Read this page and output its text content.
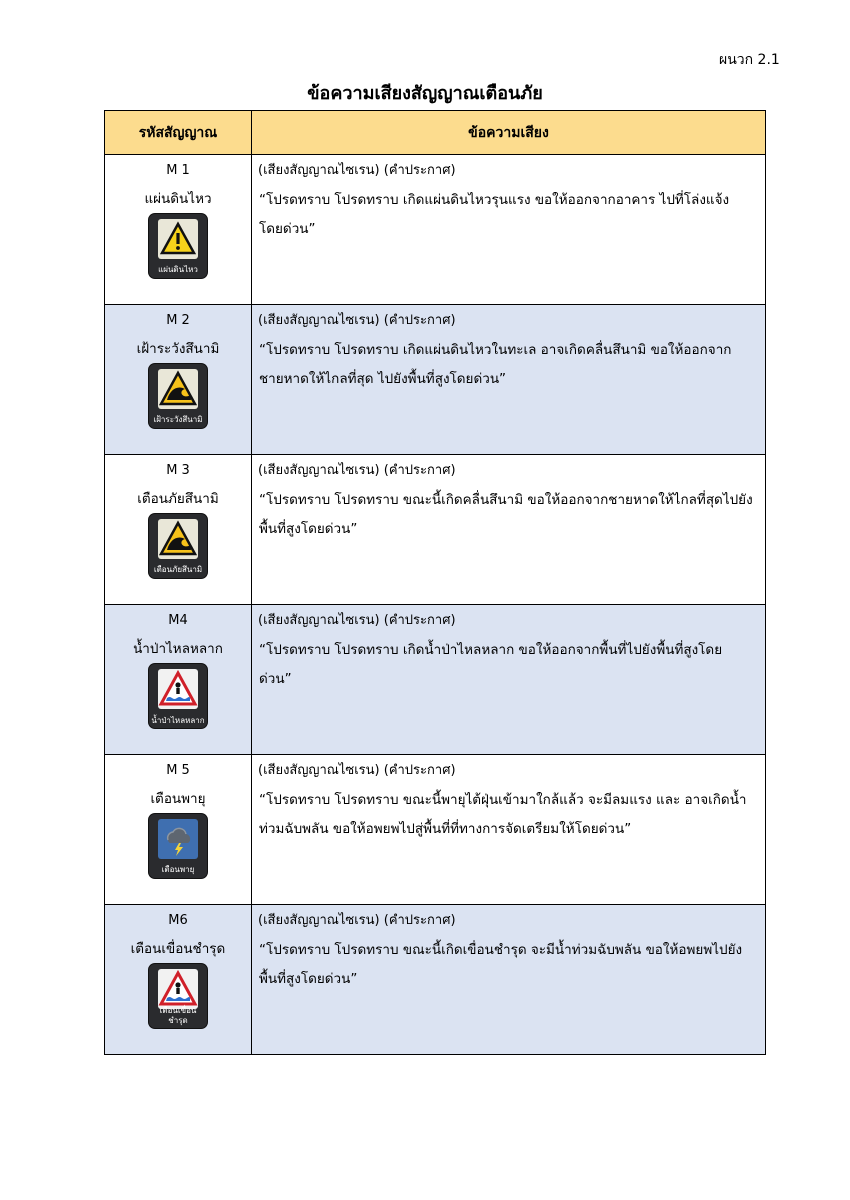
ผนวก 2.1
ข้อความเสียงสัญญาณเตือนภัย
รหัสสัญญาณ	ข้อความเสียง

M 1
แผ่นดินไหว
แผ่นดินไหว	(เสียงสัญญาณไซเรน) (คำประกาศ)
“โปรดทราบ โปรดทราบ เกิดแผ่นดินไหวรุนแรง ขอให้ออกจากอาคาร ไปที่โล่งแจ้งโดยด่วน”

M 2
เฝ้าระวังสึนามิ
เฝ้าระวังสึนามิ	(เสียงสัญญาณไซเรน) (คำประกาศ)
“โปรดทราบ โปรดทราบ เกิดแผ่นดินไหวในทะเล อาจเกิดคลื่นสึนามิ ขอให้ออกจากชายหาดให้ไกลที่สุด ไปยังพื้นที่สูงโดยด่วน”

M 3
เตือนภัยสึนามิ
เตือนภัยสึนามิ	(เสียงสัญญาณไซเรน) (คำประกาศ)
“โปรดทราบ โปรดทราบ ขณะนี้เกิดคลื่นสึนามิ ขอให้ออกจากชายหาดให้ไกลที่สุดไปยังพื้นที่สูงโดยด่วน”

M4
น้ำป่าไหลหลาก
น้ำป่าไหลหลาก	(เสียงสัญญาณไซเรน) (คำประกาศ)
“โปรดทราบ โปรดทราบ เกิดน้ำป่าไหลหลาก ขอให้ออกจากพื้นที่ไปยังพื้นที่สูงโดยด่วน”

M 5
เตือนพายุ
เตือนพายุ	(เสียงสัญญาณไซเรน) (คำประกาศ)
“โปรดทราบ โปรดทราบ ขณะนี้พายุไต้ฝุ่นเข้ามาใกล้แล้ว จะมีลมแรง และ อาจเกิดน้ำท่วมฉับพลัน ขอให้อพยพไปสู่พื้นที่ที่ทางการจัดเตรียมให้โดยด่วน”

M6
เตือนเขื่อนชำรุด
เตือนเขื่อน ชำรุด	(เสียงสัญญาณไซเรน) (คำประกาศ)
“โปรดทราบ โปรดทราบ ขณะนี้เกิดเขื่อนชำรุด จะมีน้ำท่วมฉับพลัน ขอให้อพยพไปยังพื้นที่สูงโดยด่วน”
